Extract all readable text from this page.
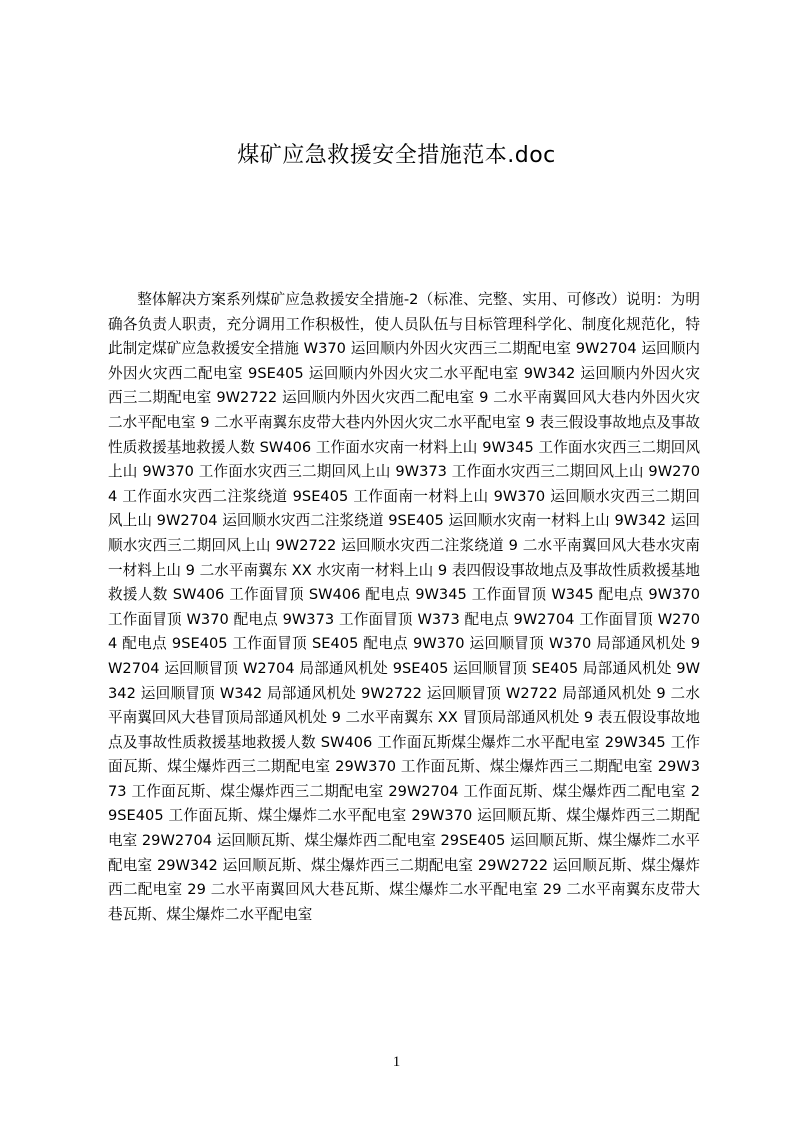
煤矿应急救援安全措施范本.doc
整体解决方案系列煤矿应急救援安全措施-2（标准、完整、实用、可修改）说明：为明确各负责人职责，充分调用工作积极性，使人员队伍与目标管理科学化、制度化规范化，特此制定煤矿应急救援安全措施 W370 运回顺内外因火灾西三二期配电室 9W2704 运回顺内外因火灾西二配电室 9SE405 运回顺内外因火灾二水平配电室 9W342 运回顺内外因火灾西三二期配电室 9W2722 运回顺内外因火灾西二配电室 9 二水平南翼回风大巷内外因火灾二水平配电室 9 二水平南翼东皮带大巷内外因火灾二水平配电室 9 表三假设事故地点及事故性质救援基地救援人数 SW406 工作面水灾南一材料上山 9W345 工作面水灾西三二期回风上山 9W370 工作面水灾西三二期回风上山 9W373 工作面水灾西三二期回风上山 9W2704 工作面水灾西二注浆绕道 9SE405 工作面南一材料上山 9W370 运回顺水灾西三二期回风上山 9W2704 运回顺水灾西二注浆绕道 9SE405 运回顺水灾南一材料上山 9W342 运回顺水灾西三二期回风上山 9W2722 运回顺水灾西二注浆绕道 9 二水平南翼回风大巷水灾南一材料上山 9 二水平南翼东 XX 水灾南一材料上山 9 表四假设事故地点及事故性质救援基地救援人数 SW406 工作面冒顶 SW406 配电点 9W345 工作面冒顶 W345 配电点 9W370 工作面冒顶 W370 配电点 9W373 工作面冒顶 W373 配电点 9W2704 工作面冒顶 W2704 配电点 9SE405 工作面冒顶 SE405 配电点 9W370 运回顺冒顶 W370 局部通风机处 9W2704 运回顺冒顶 W2704 局部通风机处 9SE405 运回顺冒顶 SE405 局部通风机处 9W342 运回顺冒顶 W342 局部通风机处 9W2722 运回顺冒顶 W2722 局部通风机处 9 二水平南翼回风大巷冒顶局部通风机处 9 二水平南翼东 XX 冒顶局部通风机处 9 表五假设事故地点及事故性质救援基地救援人数 SW406 工作面瓦斯煤尘爆炸二水平配电室 29W345 工作面瓦斯、煤尘爆炸西三二期配电室 29W370 工作面瓦斯、煤尘爆炸西三二期配电室 29W373 工作面瓦斯、煤尘爆炸西三二期配电室 29W2704 工作面瓦斯、煤尘爆炸西二配电室 29SE405 工作面瓦斯、煤尘爆炸二水平配电室 29W370 运回顺瓦斯、煤尘爆炸西三二期配电室 29W2704 运回顺瓦斯、煤尘爆炸西二配电室 29SE405 运回顺瓦斯、煤尘爆炸二水平配电室 29W342 运回顺瓦斯、煤尘爆炸西三二期配电室 29W2722 运回顺瓦斯、煤尘爆炸西二配电室 29 二水平南翼回风大巷瓦斯、煤尘爆炸二水平配电室 29 二水平南翼东皮带大巷瓦斯、煤尘爆炸二水平配电室
1
